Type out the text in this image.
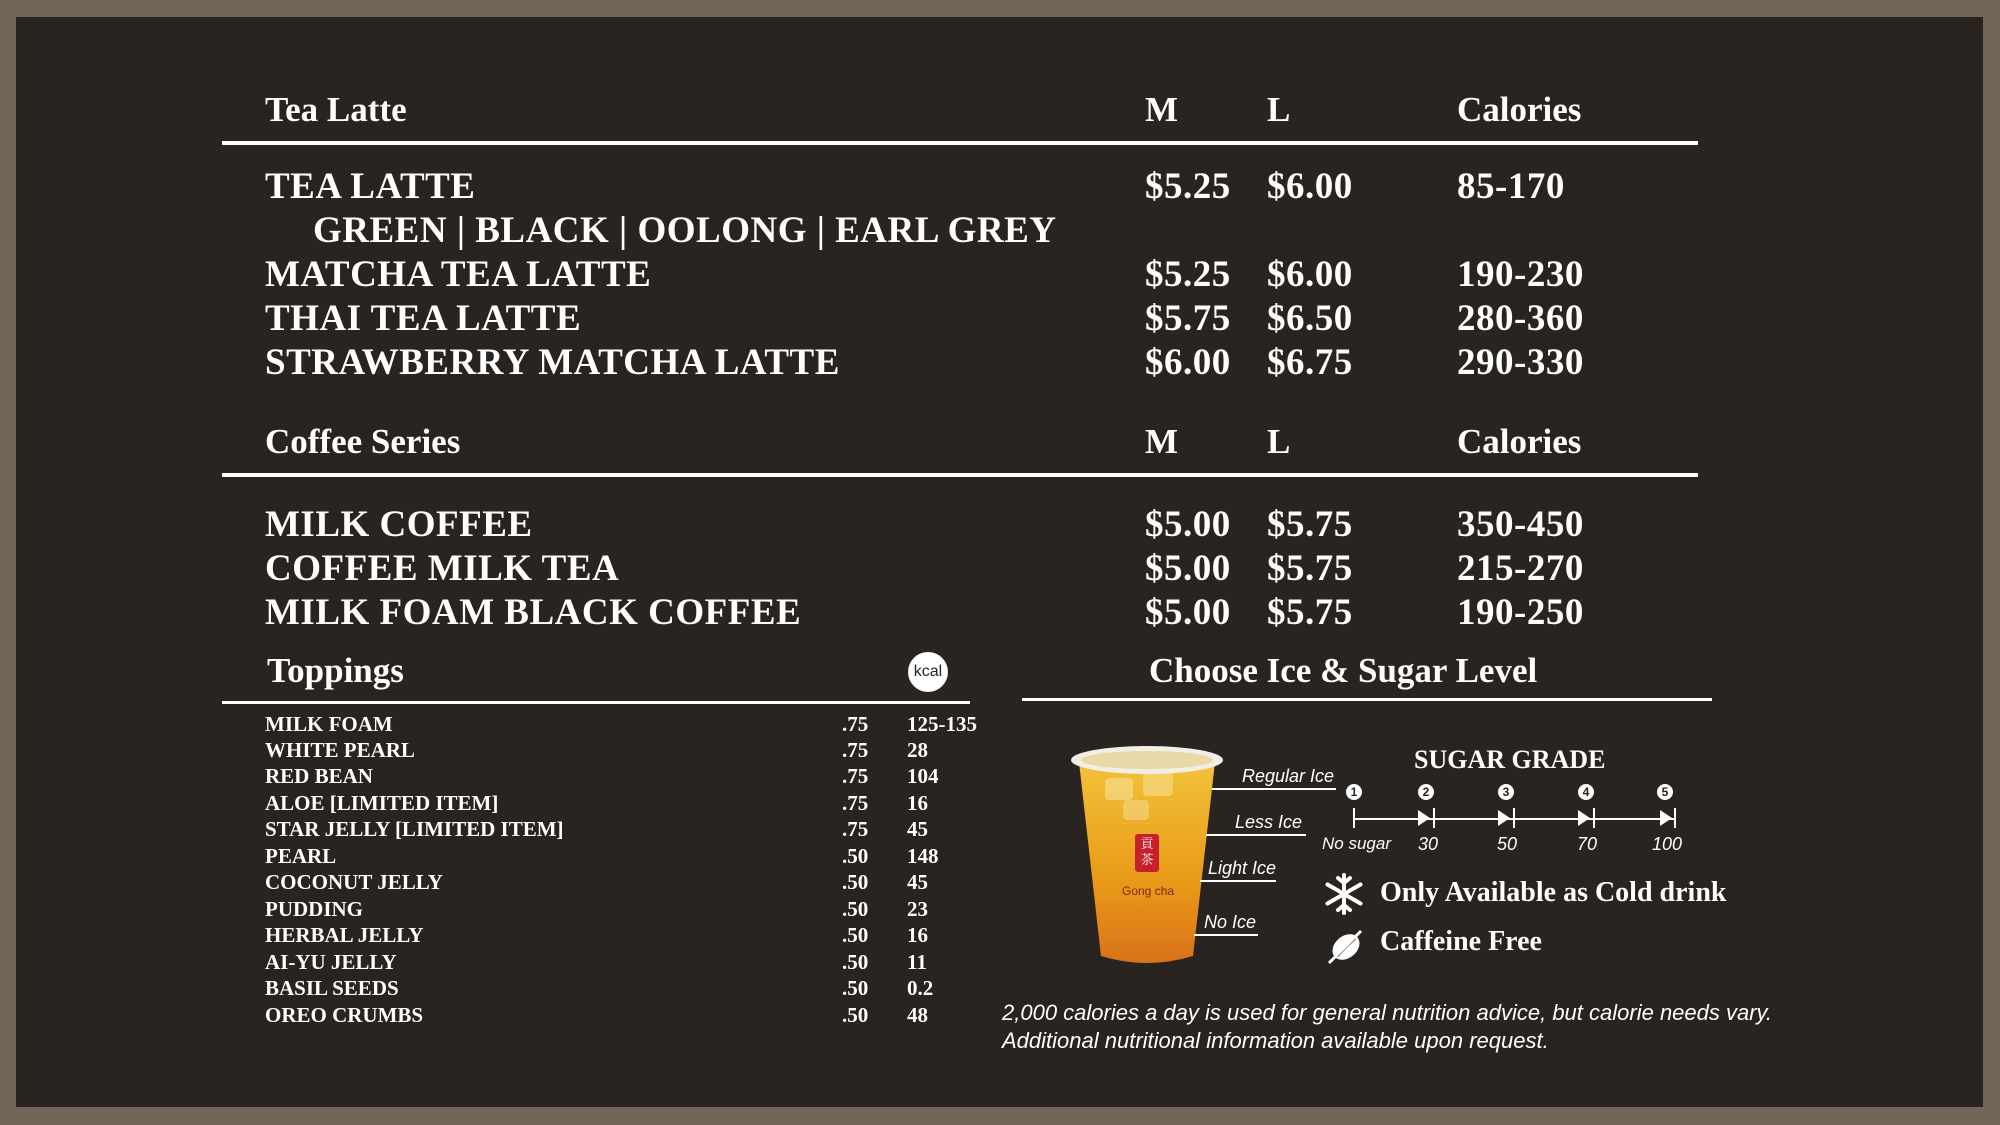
Tea Latte	M	L	Calories
TEA LATTE	$5.25 $6.00	85-170
GREEN | BLACK | OOLONG | EARL GREY
MATCHA TEA LATTE	$5.25 $6.00	190-230
THAI TEA LATTE	$5.75 $6.50	280-360
STRAWBERRY MATCHA LATTE	$6.00 $6.75	290-330
Coffee Series	M	L	Calories
MILK COFFEE	$5.00 $5.75	350-450
COFFEE MILK TEA	$5.00 $5.75	215-270
MILK FOAM BLACK COFFEE	$5.00 $5.75	190-250
Toppings	kcal
MILK FOAM	.75 125-135
WHITE PEARL	.75 28
RED BEAN	.75 104
ALOE [LIMITED ITEM]	.75 16
STAR JELLY [LIMITED ITEM]	.75 45
PEARL	.50 148
COCONUT JELLY	.50 45
PUDDING	.50 23
HERBAL JELLY	.50 16
AI-YU JELLY	.50 11
BASIL SEEDS	.50 0.2
OREO CRUMBS	.50 48
Choose Ice & Sugar Level
貢茶
Gong cha
Regular Ice
Less Ice
Light Ice
No Ice
SUGAR GRADE
1
No sugar
2
30
3
50
4
70
5
100
Only Available as Cold drink
Caffeine Free
2,000 calories a day is used for general nutrition advice, but calorie needs vary.
Additional nutritional information available upon request.
